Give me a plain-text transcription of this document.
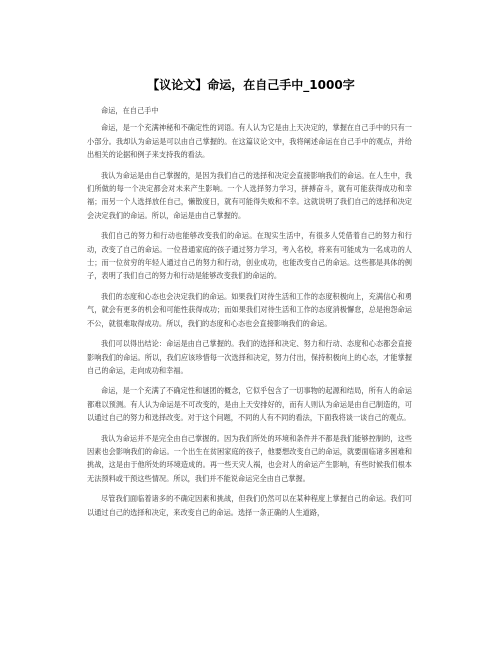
【议论文】命运，在自己手中_1000字

命运，在自己手中

命运，是一个充满神秘和不确定性的词语。有人认为它是由上天决定的，掌握在自己手中的只有一小部分。我却认为命运是可以由自己掌握的。在这篇议论文中，我将阐述命运在自己手中的观点，并给出相关的论据和例子来支持我的看法。

我认为命运是由自己掌握的，是因为我们自己的选择和决定会直接影响我们的命运。在人生中，我们所做的每一个决定都会对未来产生影响。一个人选择努力学习，拼搏奋斗，就有可能获得成功和幸福；而另一个人选择放任自己，懒散度日，就有可能得失败和不幸。这就说明了我们自己的选择和决定会决定我们的命运。所以，命运是由自己掌握的。

我们自己的努力和行动也能够改变我们的命运。在现实生活中，有很多人凭借着自己的努力和行动，改变了自己的命运。一位普通家庭的孩子通过努力学习，考入名校，将来有可能成为一名成功的人士；而一位贫穷的年轻人通过自己的努力和行动，创业成功，也能改变自己的命运。这些都是具体的例子，表明了我们自己的努力和行动是能够改变我们的命运的。

我们的态度和心态也会决定我们的命运。如果我们对待生活和工作的态度积极向上，充满信心和勇气，就会有更多的机会和可能性获得成功；而如果我们对待生活和工作的态度消极懈怠，总是抱怨命运不公，就很难取得成功。所以，我们的态度和心态也会直接影响我们的命运。

我们可以得出结论：命运是由自己掌握的。我们的选择和决定、努力和行动、态度和心态都会直接影响我们的命运。所以，我们应该珍惜每一次选择和决定，努力付出，保持积极向上的心态，才能掌握自己的命运，走向成功和幸福。

命运，是一个充满了不确定性和谜团的概念，它似乎包含了一切事物的起源和结局，所有人的命运都难以预测。有人认为命运是不可改变的，是由上天安排好的，而有人则认为命运是由自己制造的，可以通过自己的努力和选择改变。对于这个问题，不同的人有不同的看法，下面我将谈一谈自己的观点。

我认为命运并不是完全由自己掌握的。因为我们所处的环境和条件并不都是我们能够控制的，这些因素也会影响我们的命运。一个出生在贫困家庭的孩子，他要想改变自己的命运，就要面临诸多困难和挑战，这是由于他所处的环境造成的。再一些天灾人祸，也会对人的命运产生影响，有些时候我们根本无法预料或干预这些情况。所以，我们并不能说命运完全由自己掌握。

尽管我们面临着诸多的不确定因素和挑战，但我们仍然可以在某种程度上掌握自己的命运。我们可以通过自己的选择和决定，来改变自己的命运。选择一条正确的人生道路，
